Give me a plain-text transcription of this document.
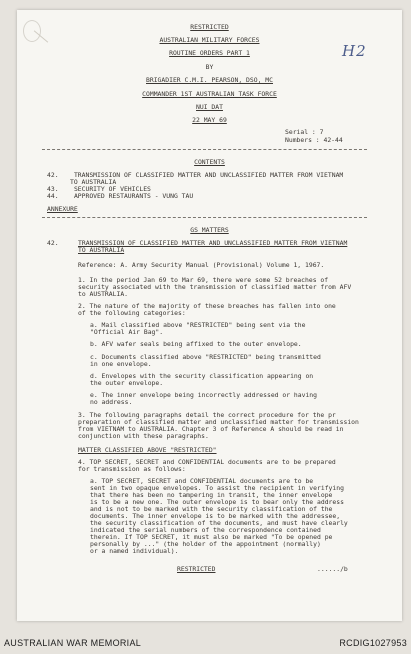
H2
RESTRICTED
AUSTRALIAN MILITARY FORCES
ROUTINE ORDERS PART 1
BY
BRIGADIER C.M.I. PEARSON, DSO, MC
COMMANDER 1ST AUSTRALIAN TASK FORCE
NUI DAT
22 MAY 69
Serial : 7
Numbers : 42-44
CONTENTS
42. TRANSMISSION OF CLASSIFIED MATTER AND UNCLASSIFIED MATTER FROM VIETNAM
TO AUSTRALIA
43. SECURITY OF VEHICLES
44. APPROVED RESTAURANTS - VUNG TAU
ANNEXURE
GS MATTERS
42.	TRANSMISSION OF CLASSIFIED MATTER AND UNCLASSIFIED MATTER FROM VIETNAM
TO AUSTRALIA
Reference: A. Army Security Manual (Provisional) Volume 1, 1967.
1. In the period Jan 69 to Mar 69, there were some 52 breaches of
security associated with the transmission of classified matter from AFV
to AUSTRALIA.
2. The nature of the majority of these breaches has fallen into one
of the following categories:
a. Mail classified above "RESTRICTED" being sent via the
"Official Air Bag".
b. AFV wafer seals being affixed to the outer envelope.
c. Documents classified above "RESTRICTED" being transmitted
in one envelope.
d. Envelopes with the security classification appearing on
the outer envelope.
e. The inner envelope being incorrectly addressed or having
no address.
3. The following paragraphs detail the correct procedure for the pr
preparation of classified matter and unclassified matter for transmission
from VIETNAM to AUSTRALIA. Chapter 3 of Reference A should be read in
conjunction with these paragraphs.
MATTER CLASSIFIED ABOVE "RESTRICTED"
4. TOP SECRET, SECRET and CONFIDENTIAL documents are to be prepared
for transmission as follows:
a. TOP SECRET, SECRET and CONFIDENTIAL documents are to be
sent in two opaque envelopes. To assist the recipient in verifying
that there has been no tampering in transit, the inner envelope
is to be a new one. The outer envelope is to bear only the address
and is not to be marked with the security classification of the
documents. The inner envelope is to be marked with the addressee,
the security classification of the documents, and must have clearly
indicated the serial numbers of the correspondence contained
therein. If TOP SECRET, it must also be marked "To be opened pe
personally by ..." (the holder of the appointment (normally)
or a named individual).
RESTRICTED	....../b
AUSTRALIAN WAR MEMORIAL	RCDIG1027953
